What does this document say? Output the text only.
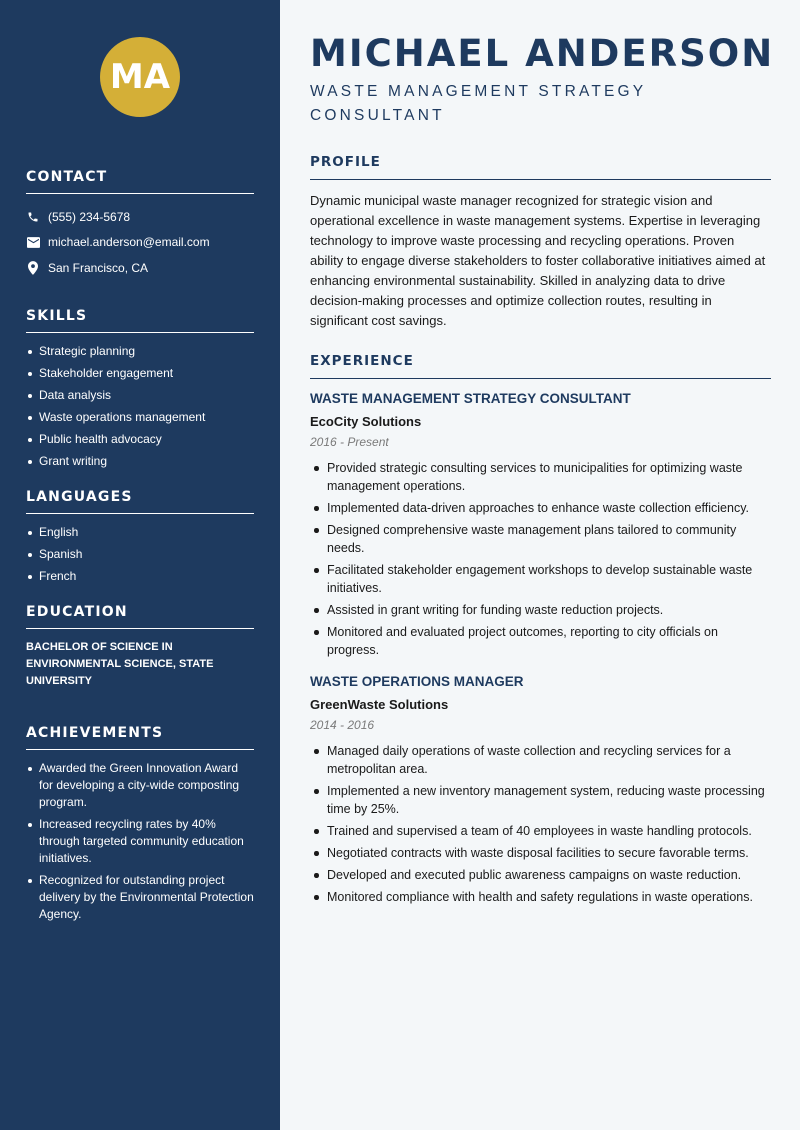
MA
CONTACT
(555) 234-5678
michael.anderson@email.com
San Francisco, CA
SKILLS
Strategic planning
Stakeholder engagement
Data analysis
Waste operations management
Public health advocacy
Grant writing
LANGUAGES
English
Spanish
French
EDUCATION
BACHELOR OF SCIENCE IN ENVIRONMENTAL SCIENCE, STATE UNIVERSITY
ACHIEVEMENTS
Awarded the Green Innovation Award for developing a city-wide composting program.
Increased recycling rates by 40% through targeted community education initiatives.
Recognized for outstanding project delivery by the Environmental Protection Agency.
MICHAEL ANDERSON
WASTE MANAGEMENT STRATEGY CONSULTANT
PROFILE

Dynamic municipal waste manager recognized for strategic vision and operational excellence in waste management systems. Expertise in leveraging technology to improve waste processing and recycling operations. Proven ability to engage diverse stakeholders to foster collaborative initiatives aimed at enhancing environmental sustainability. Skilled in analyzing data to drive decision-making processes and optimize collection routes, resulting in significant cost savings.

EXPERIENCE
WASTE MANAGEMENT STRATEGY CONSULTANT
EcoCity Solutions
2016 - Present
Provided strategic consulting services to municipalities for optimizing waste management operations.
Implemented data-driven approaches to enhance waste collection efficiency.
Designed comprehensive waste management plans tailored to community needs.
Facilitated stakeholder engagement workshops to develop sustainable waste initiatives.
Assisted in grant writing for funding waste reduction projects.
Monitored and evaluated project outcomes, reporting to city officials on progress.
WASTE OPERATIONS MANAGER
GreenWaste Solutions
2014 - 2016
Managed daily operations of waste collection and recycling services for a metropolitan area.
Implemented a new inventory management system, reducing waste processing time by 25%.
Trained and supervised a team of 40 employees in waste handling protocols.
Negotiated contracts with waste disposal facilities to secure favorable terms.
Developed and executed public awareness campaigns on waste reduction.
Monitored compliance with health and safety regulations in waste operations.
